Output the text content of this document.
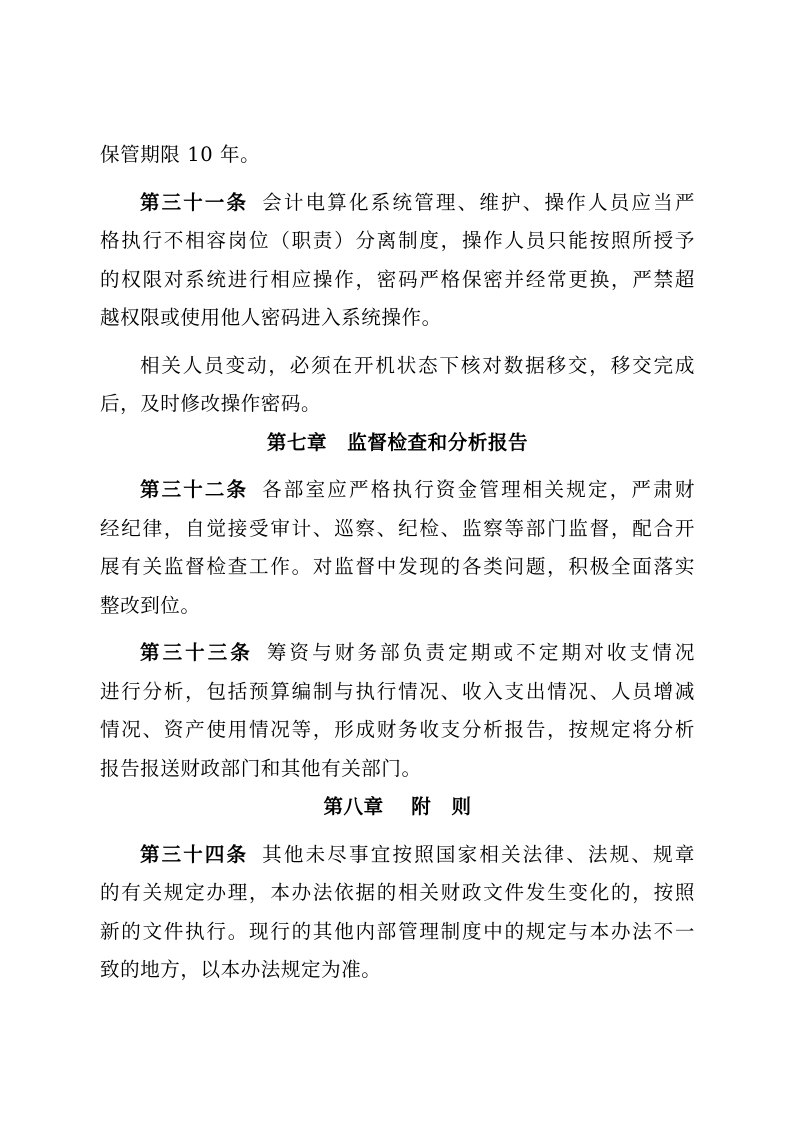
保管期限 10 年。
第三十一条 会计电算化系统管理、维护、操作人员应当严
格执行不相容岗位（职责）分离制度，操作人员只能按照所授予
的权限对系统进行相应操作，密码严格保密并经常更换，严禁超
越权限或使用他人密码进入系统操作。
相关人员变动，必须在开机状态下核对数据移交，移交完成
后，及时修改操作密码。
第七章　监督检查和分析报告
第三十二条 各部室应严格执行资金管理相关规定，严肃财
经纪律，自觉接受审计、巡察、纪检、监察等部门监督，配合开
展有关监督检查工作。对监督中发现的各类问题，积极全面落实
整改到位。
第三十三条 筹资与财务部负责定期或不定期对收支情况
进行分析，包括预算编制与执行情况、收入支出情况、人员增减
情况、资产使用情况等，形成财务收支分析报告，按规定将分析
报告报送财政部门和其他有关部门。
第八章　 附　则
第三十四条 其他未尽事宜按照国家相关法律、法规、规章
的有关规定办理，本办法依据的相关财政文件发生变化的，按照
新的文件执行。现行的其他内部管理制度中的规定与本办法不一
致的地方，以本办法规定为准。
